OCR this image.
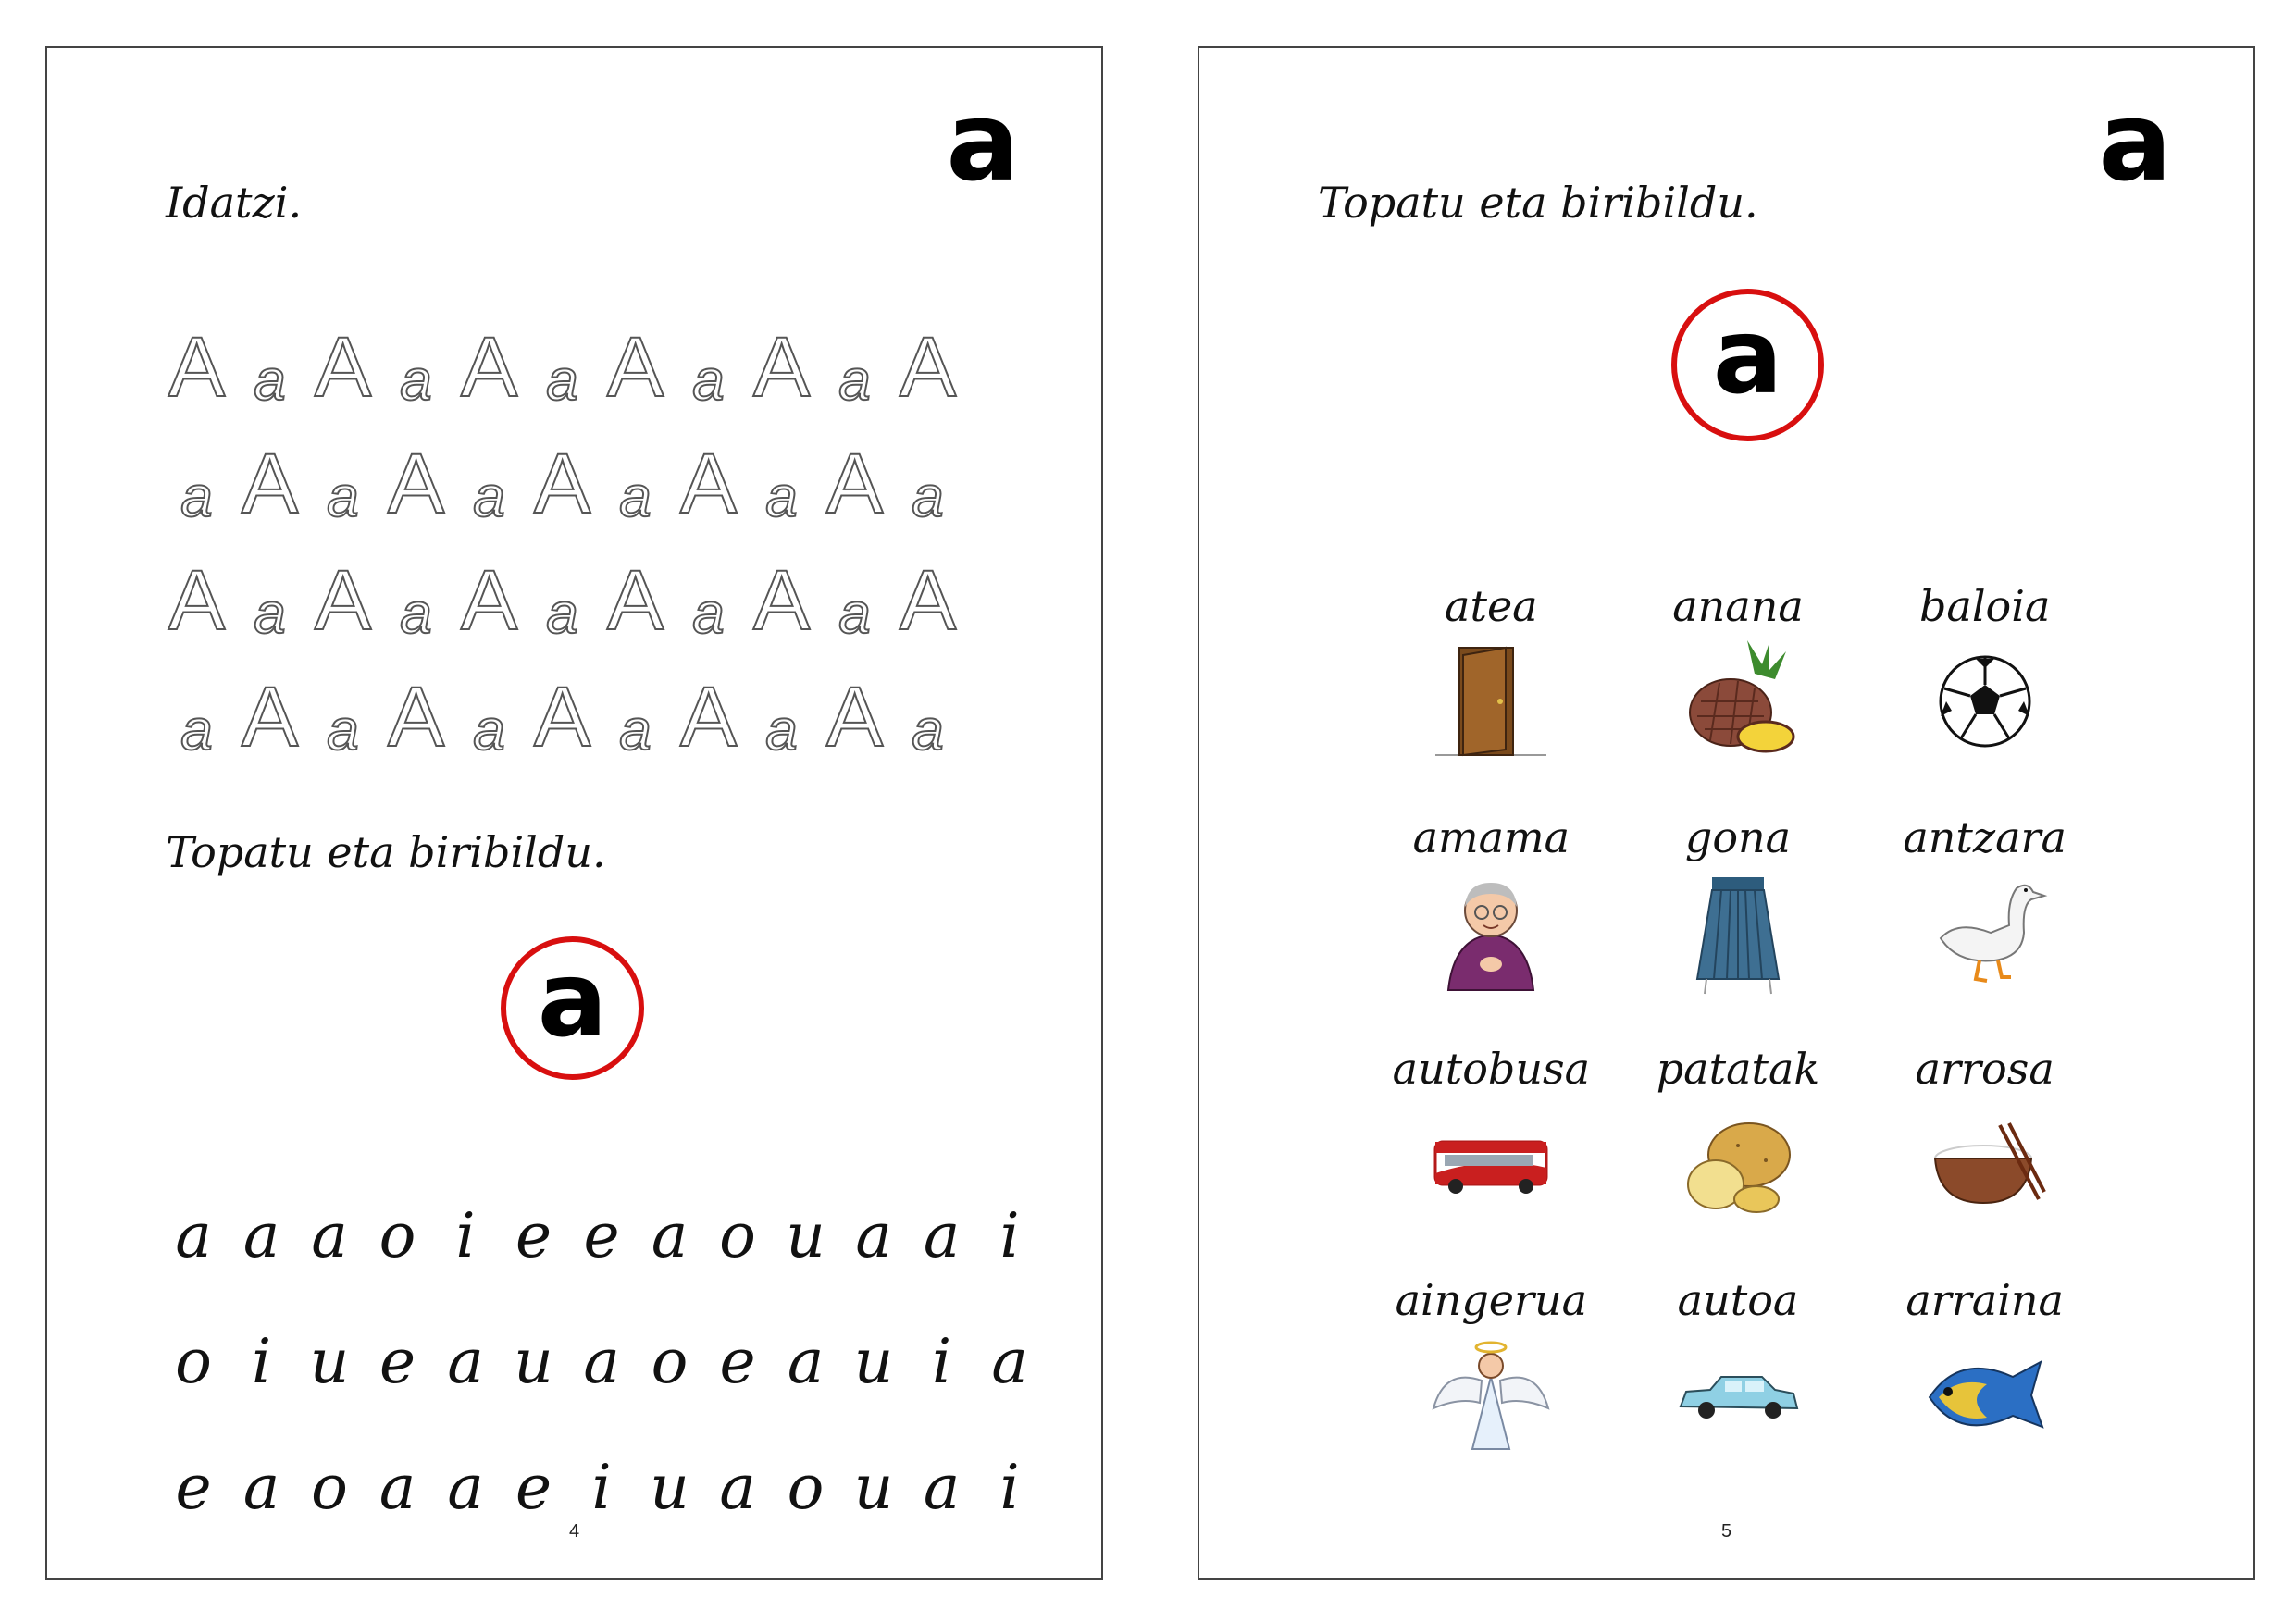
a
Idatzi.
A a A a A a A a A a A
a A a A a A a A a A a
A a A a A a A a A a A
a A a A a A a A a A a
Topatu eta biribildu.
a
a a a o i e e a o u a a i
o i u e a u a o e a u i a
e a o a a e i u a o u a i
4
a
Topatu eta biribildu.
a
atea	anana	baloia
amama	gona	antzara
autobusa patatak arrosa
aingerua autoa	arraina
5
